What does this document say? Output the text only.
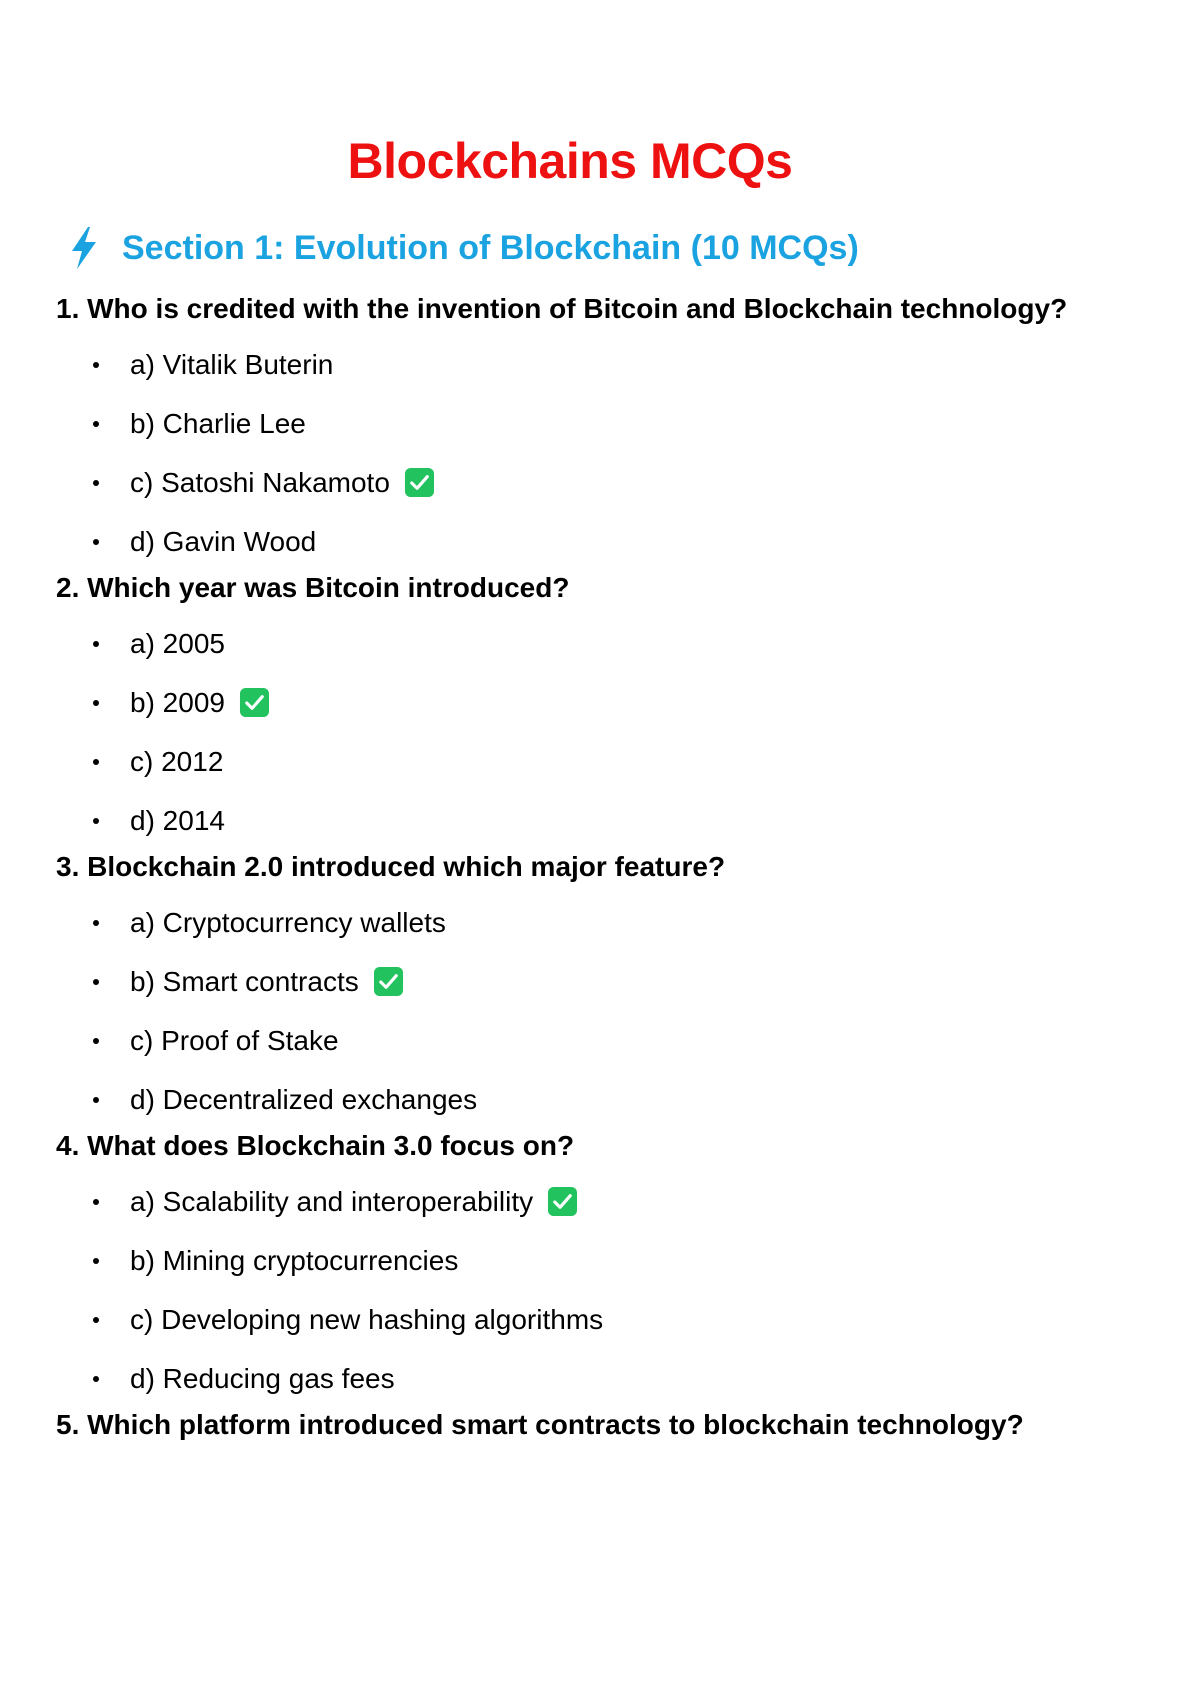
Blockchains MCQs
Section 1: Evolution of Blockchain (10 MCQs)

1. Who is credited with the invention of Bitcoin and Blockchain technology?

a) Vitalik Buterin
b) Charlie Lee
c) Satoshi Nakamoto
d) Gavin Wood

2. Which year was Bitcoin introduced?

a) 2005
b) 2009
c) 2012
d) 2014

3. Blockchain 2.0 introduced which major feature?

a) Cryptocurrency wallets
b) Smart contracts
c) Proof of Stake
d) Decentralized exchanges

4. What does Blockchain 3.0 focus on?

a) Scalability and interoperability
b) Mining cryptocurrencies
c) Developing new hashing algorithms
d) Reducing gas fees

5. Which platform introduced smart contracts to blockchain technology?
